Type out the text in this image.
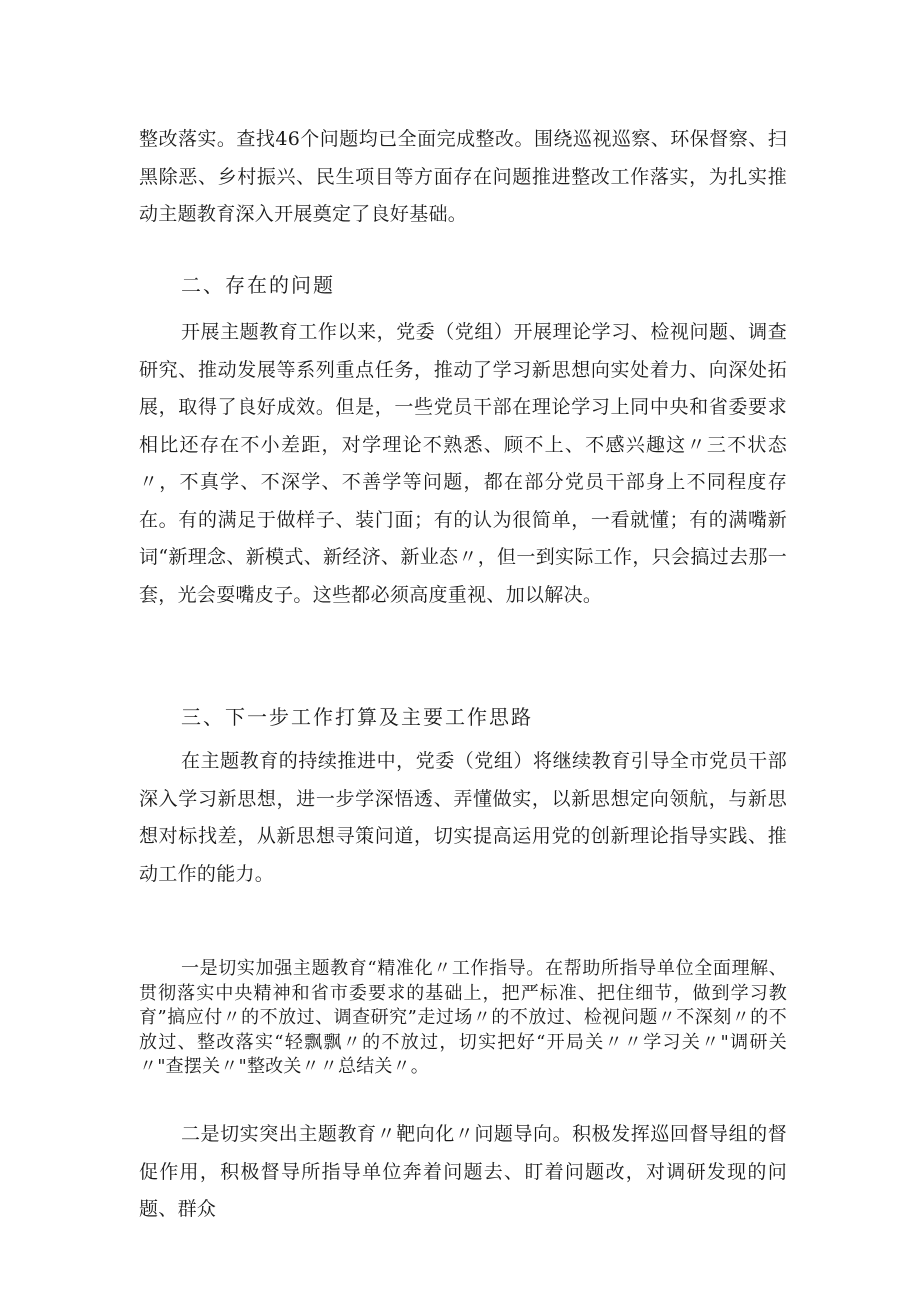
整改落实。查找46个问题均已全面完成整改。围绕巡视巡察、环保督察、扫黑除恶、乡村振兴、民生项目等方面存在问题推进整改工作落实，为扎实推动主题教育深入开展奠定了良好基础。

二、存在的问题

开展主题教育工作以来，党委（党组）开展理论学习、检视问题、调查研究、推动发展等系列重点任务，推动了学习新思想向实处着力、向深处拓展，取得了良好成效。但是，一些党员干部在理论学习上同中央和省委要求相比还存在不小差距，对学理论不熟悉、顾不上、不感兴趣这〃三不状态〃，不真学、不深学、不善学等问题，都在部分党员干部身上不同程度存在。有的满足于做样子、装门面；有的认为很简单，一看就懂；有的满嘴新词“新理念、新模式、新经济、新业态〃，但一到实际工作，只会搞过去那一套，光会耍嘴皮子。这些都必须高度重视、加以解决。

三、下一步工作打算及主要工作思路

在主题教育的持续推进中，党委（党组）将继续教育引导全市党员干部深入学习新思想，进一步学深悟透、弄懂做实，以新思想定向领航，与新思想对标找差，从新思想寻策问道，切实提高运用党的创新理论指导实践、推动工作的能力。

一是切实加强主题教育“精准化〃工作指导。在帮助所指导单位全面理解、贯彻落实中央精神和省市委要求的基础上，把严标准、把住细节，做到学习教育”搞应付〃的不放过、调查研究”走过场〃的不放过、检视问题〃不深刻〃的不放过、整改落实“轻飘飘〃的不放过，切实把好“开局关〃〃学习关〃"调研关〃"查摆关〃"整改关〃〃总结关〃。

二是切实突出主题教育〃靶向化〃问题导向。积极发挥巡回督导组的督促作用，积极督导所指导单位奔着问题去、盯着问题改，对调研发现的问题、群众
